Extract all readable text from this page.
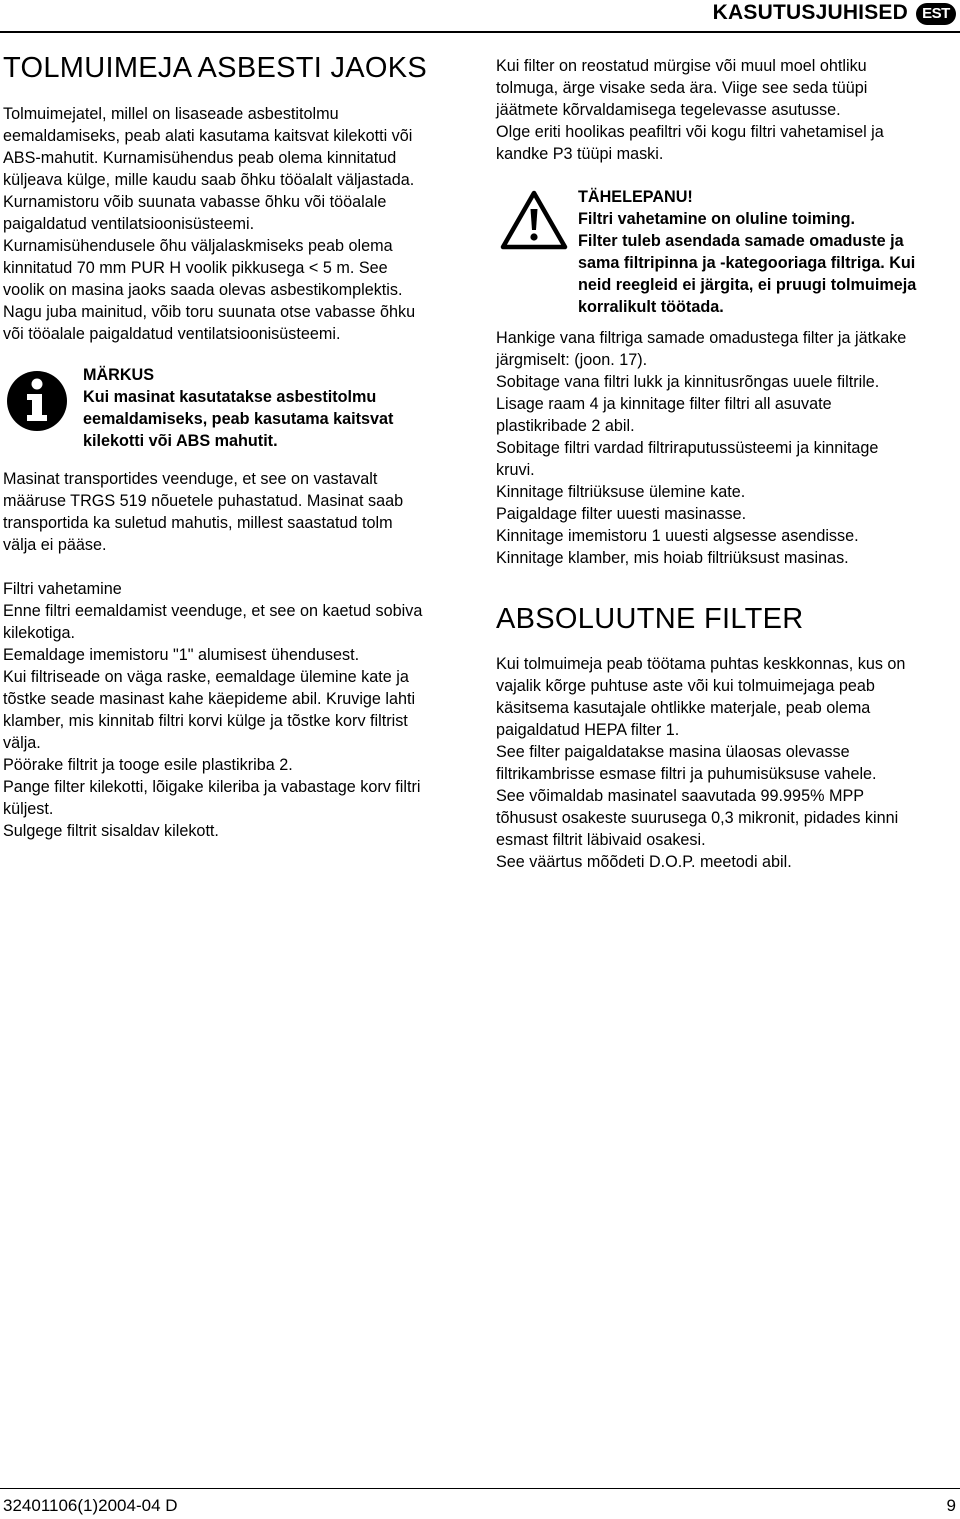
KASUTUSJUHISED EST
TOLMUIMEJA ASBESTI JAOKS
Tolmuimejatel, millel on lisaseade asbestitolmu
eemaldamiseks, peab alati kasutama kaitsvat kilekotti või
ABS-mahutit. Kurnamisühendus peab olema kinnitatud
küljeava külge, mille kaudu saab õhku tööalalt väljastada.
Kurnamistoru võib suunata vabasse õhku või tööalale
paigaldatud ventilatsioonisüsteemi.
Kurnamisühendusele õhu väljalaskmiseks peab olema
kinnitatud 70 mm PUR H voolik pikkusega < 5 m. See
voolik on masina jaoks saada olevas asbestikomplektis.
Nagu juba mainitud, võib toru suunata otse vabasse õhku
või tööalale paigaldatud ventilatsioonisüsteemi.
MÄRKUS
Kui masinat kasutatakse asbestitolmu
eemaldamiseks, peab kasutama kaitsvat
kilekotti või ABS mahutit.
Masinat transportides veenduge, et see on vastavalt
määruse TRGS 519 nõuetele puhastatud. Masinat saab
transportida ka suletud mahutis, millest saastatud tolm
välja ei pääse.
Filtri vahetamine
Enne filtri eemaldamist veenduge, et see on kaetud sobiva
kilekotiga.
Eemaldage imemistoru "1" alumisest ühendusest.
Kui filtriseade on väga raske, eemaldage ülemine kate ja
tõstke seade masinast kahe käepideme abil. Kruvige lahti
klamber, mis kinnitab filtri korvi külge ja tõstke korv filtrist
välja.
Pöörake filtrit ja tooge esile plastikriba 2.
Pange filter kilekotti, lõigake kileriba ja vabastage korv filtri
küljest.
Sulgege filtrit sisaldav kilekott.
Kui filter on reostatud mürgise või muul moel ohtliku
tolmuga, ärge visake seda ära. Viige see seda tüüpi
jäätmete kõrvaldamisega tegelevasse asutusse.
Olge eriti hoolikas peafiltri või kogu filtri vahetamisel ja
kandke P3 tüüpi maski.
TÄHELEPANU!
Filtri vahetamine on oluline toiming.
Filter tuleb asendada samade omaduste ja
sama filtripinna ja -kategooriaga filtriga. Kui
neid reegleid ei järgita, ei pruugi tolmuimeja
korralikult töötada.
Hankige vana filtriga samade omadustega filter ja jätkake
järgmiselt: (joon. 17).
Sobitage vana filtri lukk ja kinnitusrõngas uuele filtrile.
Lisage raam 4 ja kinnitage filter filtri all asuvate
plastikribade 2 abil.
Sobitage filtri vardad filtriraputussüsteemi ja kinnitage
kruvi.
Kinnitage filtriüksuse ülemine kate.
Paigaldage filter uuesti masinasse.
Kinnitage imemistoru 1 uuesti algsesse asendisse.
Kinnitage klamber, mis hoiab filtriüksust masinas.
ABSOLUUTNE FILTER
Kui tolmuimeja peab töötama puhtas keskkonnas, kus on
vajalik kõrge puhtuse aste või kui tolmuimejaga peab
käsitsema kasutajale ohtlikke materjale, peab olema
paigaldatud HEPA filter 1.
See filter paigaldatakse masina ülaosas olevasse
filtrikambrisse esmase filtri ja puhumisüksuse vahele.
See võimaldab masinatel saavutada 99.995% MPP
tõhusust osakeste suurusega 0,3 mikronit, pidades kinni
esmast filtrit läbivaid osakesi.
See väärtus mõõdeti D.O.P. meetodi abil.
32401106(1)2004-04 D	9
